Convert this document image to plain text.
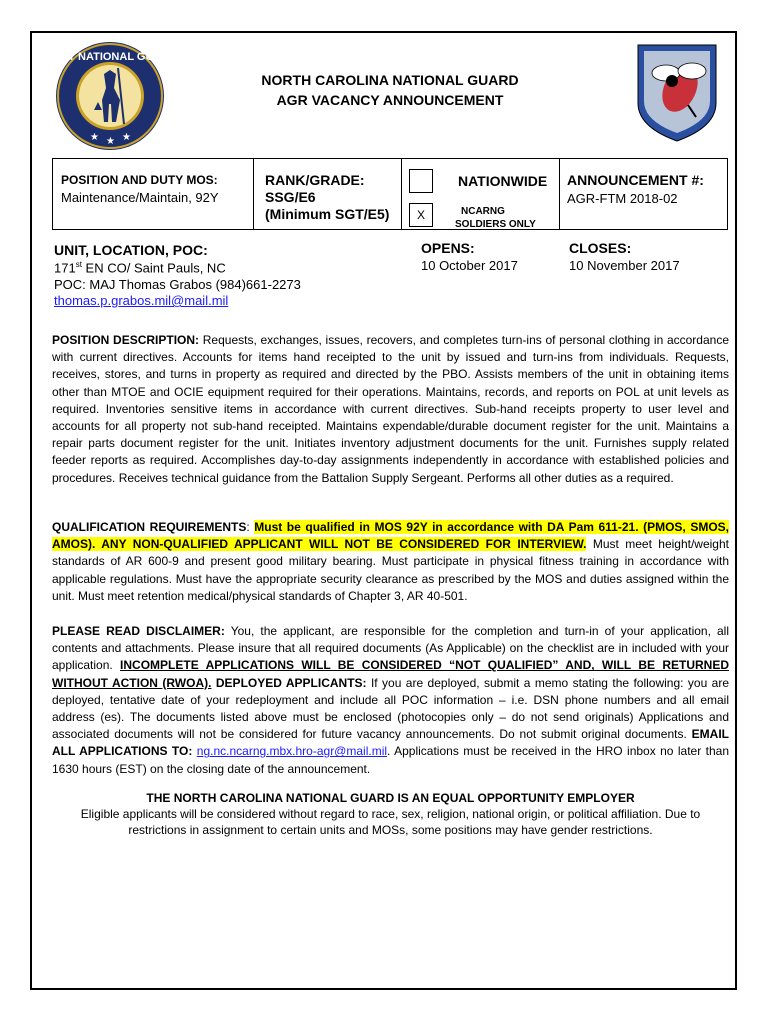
ARMY NATIONAL GUARD
★ ★ ★
NORTH CAROLINA NATIONAL GUARD
AGR VACANCY ANNOUNCEMENT
POSITION AND DUTY MOS:
Maintenance/Maintain, 92Y
RANK/GRADE:
SSG/E6
(Minimum SGT/E5)	X
NATIONWIDE
NCARNG
SOLDIERS ONLY
ANNOUNCEMENT #:
AGR-FTM 2018-02
UNIT, LOCATION, POC:
171st EN CO/ Saint Pauls, NC
POC: MAJ Thomas Grabos (984)661-2273
thomas.p.grabos.mil@mail.mil
OPENS:
10 October 2017
CLOSES:
10 November 2017
POSITION DESCRIPTION: Requests, exchanges, issues, recovers, and completes turn-ins of personal clothing in accordance with current directives. Accounts for items hand receipted to the unit by issued and turn-ins from individuals. Requests, receives, stores, and turns in property as required and directed by the PBO. Assists members of the unit in obtaining items other than MTOE and OCIE equipment required for their operations. Maintains, records, and reports on POL at unit levels as required. Inventories sensitive items in accordance with current directives. Sub-hand receipts property to user level and accounts for all property not sub-hand receipted. Maintains expendable/durable document register for the unit. Maintains a repair parts document register for the unit. Initiates inventory adjustment documents for the unit. Furnishes supply related feeder reports as required. Accomplishes day-to-day assignments independently in accordance with established policies and procedures. Receives technical guidance from the Battalion Supply Sergeant. Performs all other duties as a required.
QUALIFICATION REQUIREMENTS: Must be qualified in MOS 92Y in accordance with DA Pam 611-21. (PMOS, SMOS, AMOS). ANY NON-QUALIFIED APPLICANT WILL NOT BE CONSIDERED FOR INTERVIEW. Must meet height/weight standards of AR 600-9 and present good military bearing. Must participate in physical fitness training in accordance with applicable regulations. Must have the appropriate security clearance as prescribed by the MOS and duties assigned within the unit. Must meet retention medical/physical standards of Chapter 3, AR 40-501.
PLEASE READ DISCLAIMER: You, the applicant, are responsible for the completion and turn-in of your application, all contents and attachments. Please insure that all required documents (As Applicable) on the checklist are in included with your application. INCOMPLETE APPLICATIONS WILL BE CONSIDERED “NOT QUALIFIED” AND, WILL BE RETURNED WITHOUT ACTION (RWOA). DEPLOYED APPLICANTS: If you are deployed, submit a memo stating the following: you are deployed, tentative date of your redeployment and include all POC information – i.e. DSN phone numbers and all email address (es). The documents listed above must be enclosed (photocopies only – do not send originals) Applications and associated documents will not be considered for future vacancy announcements. Do not submit original documents. EMAIL ALL APPLICATIONS TO: ng.nc.ncarng.mbx.hro-agr@mail.mil. Applications must be received in the HRO inbox no later than 1630 hours (EST) on the closing date of the announcement.
THE NORTH CAROLINA NATIONAL GUARD IS AN EQUAL OPPORTUNITY EMPLOYER
Eligible applicants will be considered without regard to race, sex, religion, national origin, or political affiliation. Due to restrictions in assignment to certain units and MOSs, some positions may have gender restrictions.
